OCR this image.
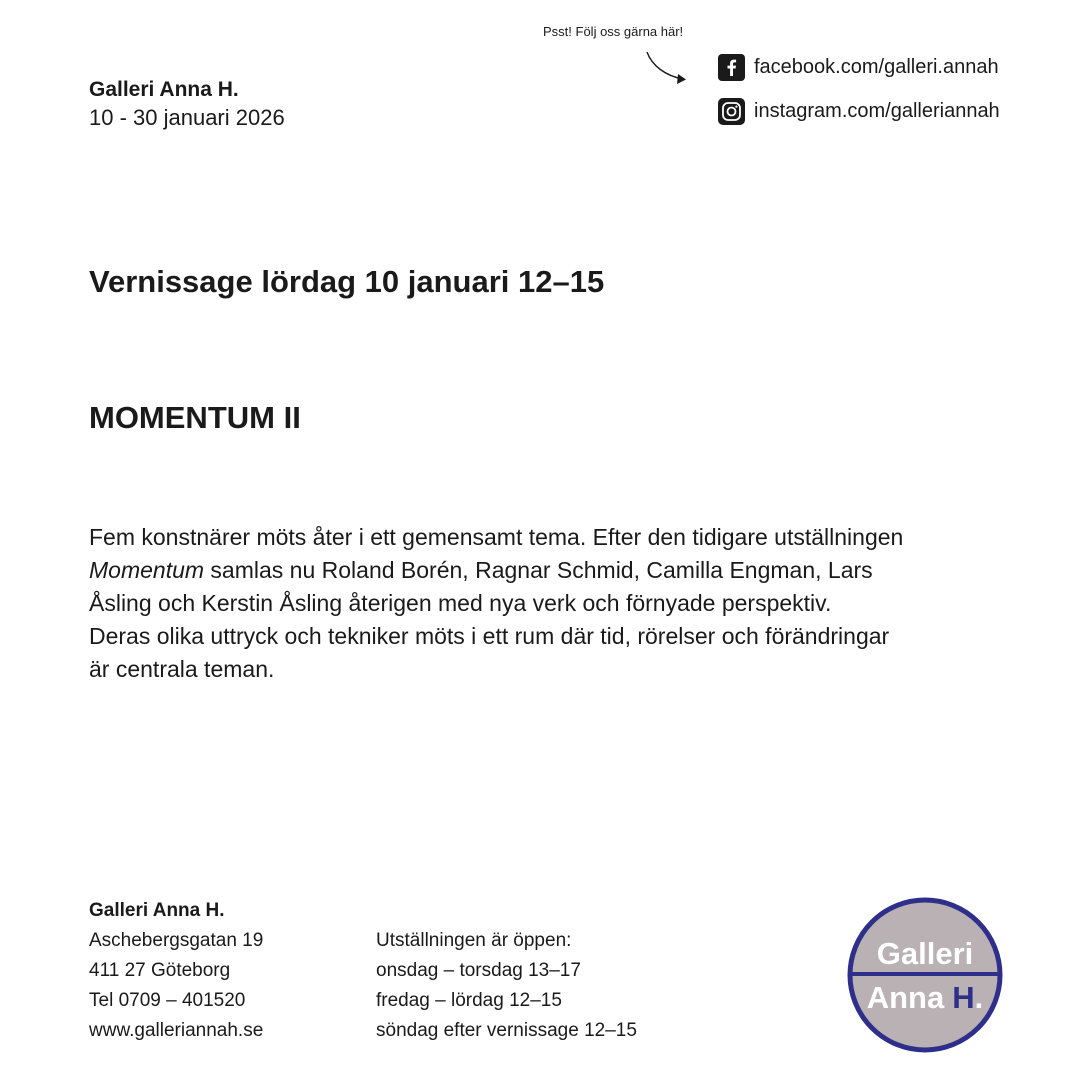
Galleri Anna H.
10 - 30 januari 2026
Psst! Följ oss gärna här!
facebook.com/galleri.annah
instagram.com/galleriannah
Vernissage lördag 10 januari 12–15
MOMENTUM II

Fem konstnärer möts åter i ett gemensamt tema. Efter den tidigare utställningen Momentum samlas nu Roland Borén, Ragnar Schmid, Camilla Engman, Lars Åsling och Kerstin Åsling återigen med nya verk och förnyade perspektiv.

Deras olika uttryck och tekniker möts i ett rum där tid, rörelser och förändringar är centrala teman.

Galleri Anna H.
Aschebergsgatan 19
411 27 Göteborg
Tel 0709 – 401520
www.galleriannah.se
Utställningen är öppen:
onsdag – torsdag 13–17
fredag – lördag 12–15
söndag efter vernissage 12–15
Galleri
Anna H.
